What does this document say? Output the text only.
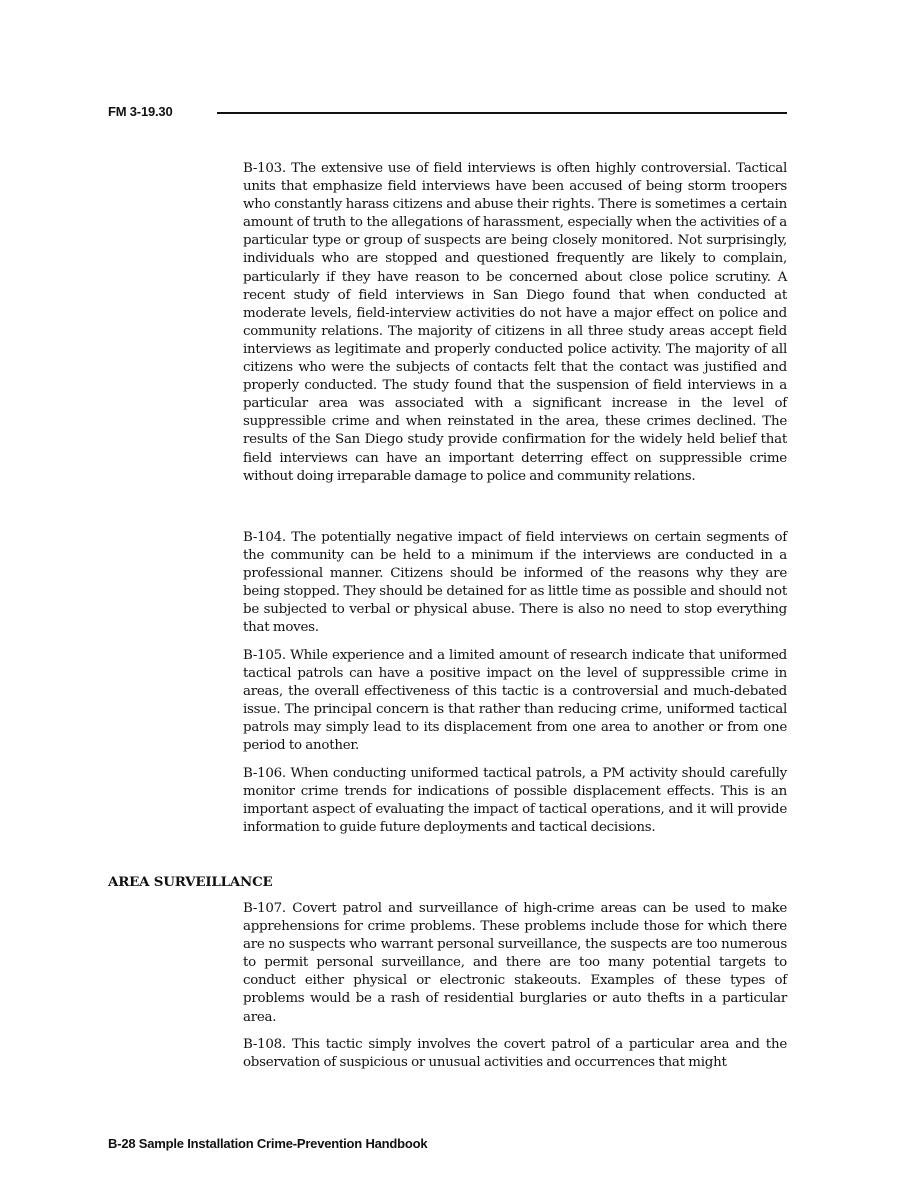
FM 3-19.30

B-103. The extensive use of field interviews is often highly controversial. Tactical units that emphasize field interviews have been accused of being storm troopers who constantly harass citizens and abuse their rights. There is sometimes a certain amount of truth to the allegations of harassment, especially when the activities of a particular type or group of suspects are being closely monitored. Not surprisingly, individuals who are stopped and questioned frequently are likely to complain, particularly if they have reason to be concerned about close police scrutiny. A recent study of field interviews in San Diego found that when conducted at moderate levels, field-interview activities do not have a major effect on police and community relations. The majority of citizens in all three study areas accept field interviews as legitimate and properly conducted police activity. The majority of all citizens who were the subjects of contacts felt that the contact was justified and properly conducted. The study found that the suspension of field interviews in a particular area was associated with a significant increase in the level of suppressible crime and when reinstated in the area, these crimes declined. The results of the San Diego study provide confirmation for the widely held belief that field interviews can have an important deterring effect on suppressible crime without doing irreparable damage to police and community relations.

B-104. The potentially negative impact of field interviews on certain segments of the community can be held to a minimum if the interviews are conducted in a professional manner. Citizens should be informed of the reasons why they are being stopped. They should be detained for as little time as possible and should not be subjected to verbal or physical abuse. There is also no need to stop everything that moves.

B-105. While experience and a limited amount of research indicate that uniformed tactical patrols can have a positive impact on the level of suppressible crime in areas, the overall effectiveness of this tactic is a controversial and much-debated issue. The principal concern is that rather than reducing crime, uniformed tactical patrols may simply lead to its displacement from one area to another or from one period to another.

B-106. When conducting uniformed tactical patrols, a PM activity should carefully monitor crime trends for indications of possible displacement effects. This is an important aspect of evaluating the impact of tactical operations, and it will provide information to guide future deployments and tactical decisions.

AREA SURVEILLANCE

B-107. Covert patrol and surveillance of high-crime areas can be used to make apprehensions for crime problems. These problems include those for which there are no suspects who warrant personal surveillance, the suspects are too numerous to permit personal surveillance, and there are too many potential targets to conduct either physical or electronic stakeouts. Examples of these types of problems would be a rash of residential burglaries or auto thefts in a particular area.

B-108. This tactic simply involves the covert patrol of a particular area and the observation of suspicious or unusual activities and occurrences that might

B-28 Sample Installation Crime-Prevention Handbook
